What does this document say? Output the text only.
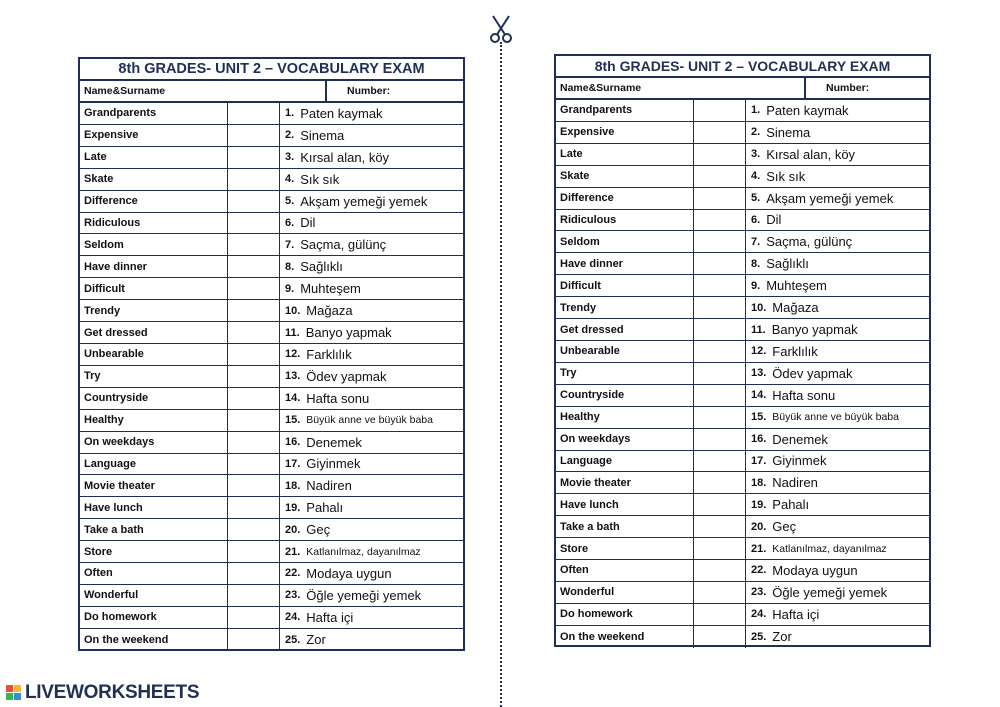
8th GRADES- UNIT 2 – VOCABULARY EXAM
Name&Surname	Number:
Grandparents	1. Paten kaymak
Expensive	2. Sinema
Late	3. Kırsal alan, köy
Skate	4. Sık sık
Difference	5. Akşam yemeği yemek
Ridiculous	6. Dil
Seldom	7. Saçma, gülünç
Have dinner	8. Sağlıklı
Difficult	9. Muhteşem
Trendy	10. Mağaza
Get dressed	11. Banyo yapmak
Unbearable	12. Farklılık
Try	13. Ödev yapmak
Countryside	14. Hafta sonu
Healthy	15. Büyük anne ve büyük baba
On weekdays	16. Denemek
Language	17. Giyinmek
Movie theater	18. Nadiren
Have lunch	19. Pahalı
Take a bath	20. Geç
Store	21. Katlanılmaz, dayanılmaz
Often	22. Modaya uygun
Wonderful	23. Öğle yemeği yemek
Do homework	24. Hafta içi
On the weekend	25. Zor
8th GRADES- UNIT 2 – VOCABULARY EXAM
Name&Surname	Number:
Grandparents	1. Paten kaymak
Expensive	2. Sinema
Late	3. Kırsal alan, köy
Skate	4. Sık sık
Difference	5. Akşam yemeği yemek
Ridiculous	6. Dil
Seldom	7. Saçma, gülünç
Have dinner	8. Sağlıklı
Difficult	9. Muhteşem
Trendy	10. Mağaza
Get dressed	11. Banyo yapmak
Unbearable	12. Farklılık
Try	13. Ödev yapmak
Countryside	14. Hafta sonu
Healthy	15. Büyük anne ve büyük baba
On weekdays	16. Denemek
Language	17. Giyinmek
Movie theater	18. Nadiren
Have lunch	19. Pahalı
Take a bath	20. Geç
Store	21. Katlanılmaz, dayanılmaz
Often	22. Modaya uygun
Wonderful	23. Öğle yemeği yemek
Do homework	24. Hafta içi
On the weekend	25. Zor
LIVEWORKSHEETS
